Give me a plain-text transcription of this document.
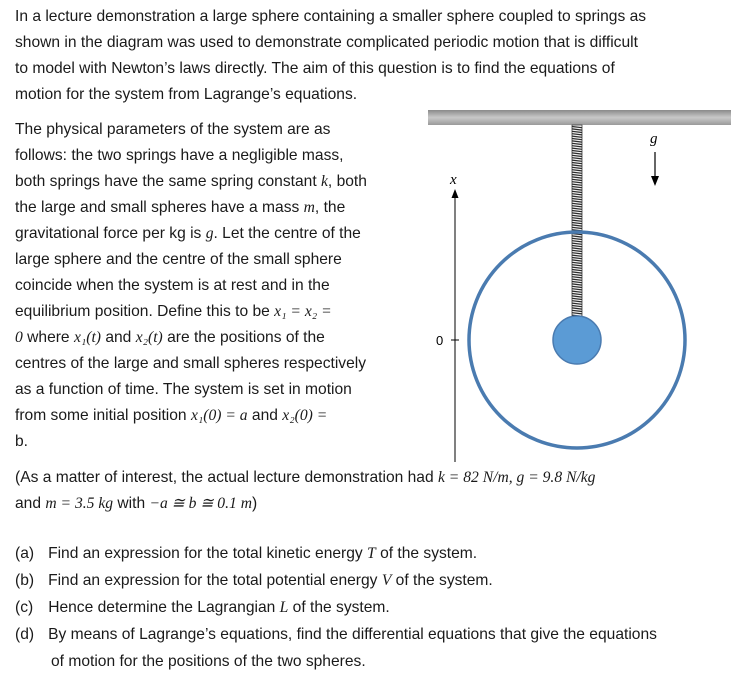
In a lecture demonstration a large sphere containing a smaller sphere coupled to springs as
shown in the diagram was used to demonstrate complicated periodic motion that is difficult
to model with Newton’s laws directly. The aim of this question is to find the equations of
motion for the system from Lagrange’s equations.
The physical parameters of the system are as
follows: the two springs have a negligible mass,
both springs have the same spring constant k, both
the large and small spheres have a mass m, the
gravitational force per kg is g. Let the centre of the
large sphere and the centre of the small sphere
coincide when the system is at rest and in the
equilibrium position. Define this to be x₁ = x₂ =
0 where x₁(t) and x₂(t) are the positions of the
centres of the large and small spheres respectively
as a function of time. The system is set in motion
from some initial position x₁(0) = a and x₂(0) =
b.
(As a matter of interest, the actual lecture demonstration had k = 82 N/m, g = 9.8 N/kg
and m = 3.5 kg with −a ≅ b ≅ 0.1 m)
(a) Find an expression for the total kinetic energy T of the system.
(b) Find an expression for the total potential energy V of the system.
(c) Hence determine the Lagrangian L of the system.
(d) By means of Lagrange’s equations, find the differential equations that give the equations
of motion for the positions of the two spheres.
x
0
g
